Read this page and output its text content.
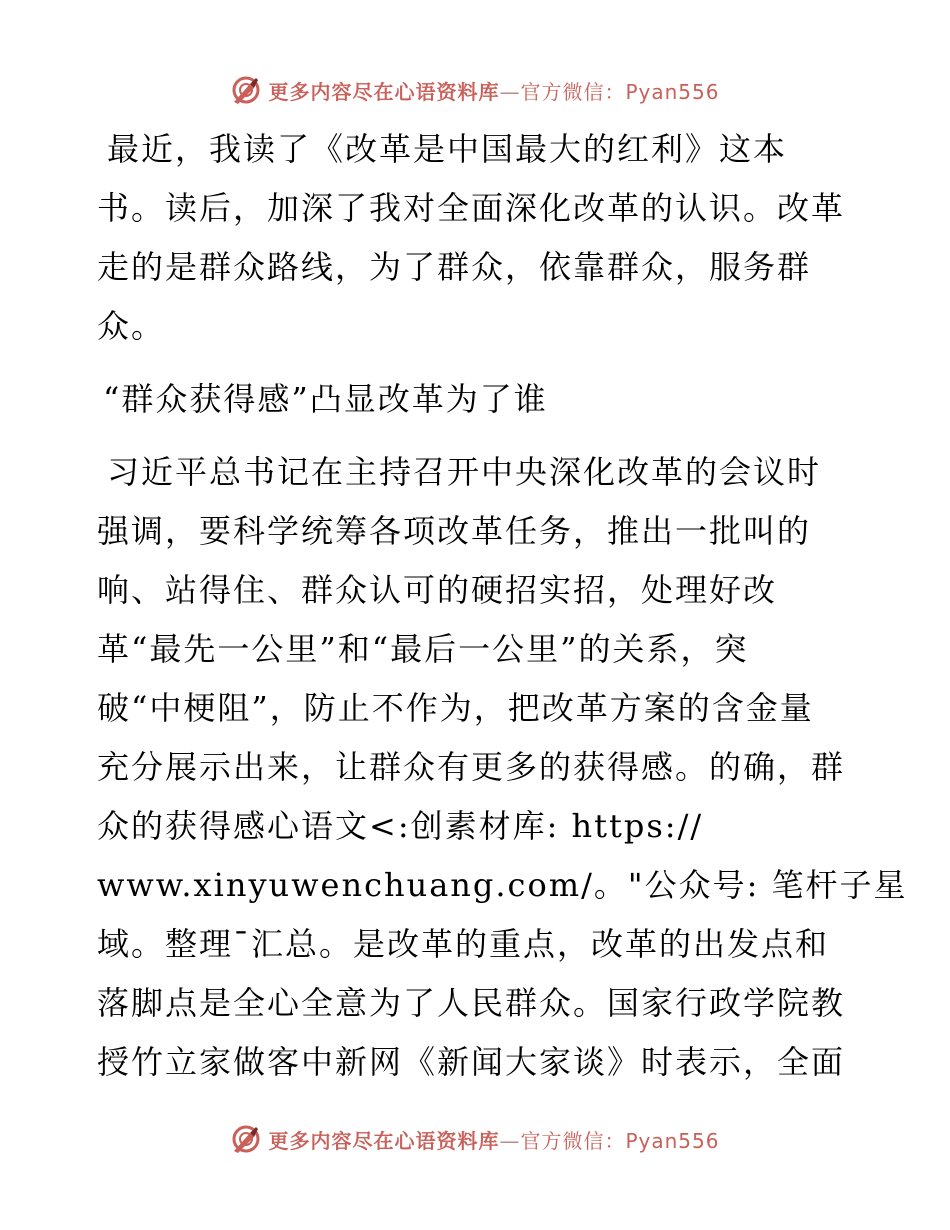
更多内容尽在心语资料库—官方微信：Pyan556
最近，我读了《改革是中国最大的红利》这本
书。读后，加深了我对全面深化改革的认识。改革
走的是群众路线，为了群众，依靠群众，服务群
众。
“群众获得感”凸显改革为了谁
习近平总书记在主持召开中央深化改革的会议时
强调，要科学统筹各项改革任务，推出一批叫的
响、站得住、群众认可的硬招实招，处理好改
革“最先一公里”和“最后一公里”的关系，突
破“中梗阻”，防止不作为，把改革方案的含金量
充分展示出来，让群众有更多的获得感。的确，群
众的获得感心语文<:创素材库: https://
www.xinyuwenchuang.com/。"公众号: 笔杆子星
域。整理¯汇总。是改革的重点，改革的出发点和
落脚点是全心全意为了人民群众。国家行政学院教
授竹立家做客中新网《新闻大家谈》时表示，全面
更多内容尽在心语资料库—官方微信：Pyan556
